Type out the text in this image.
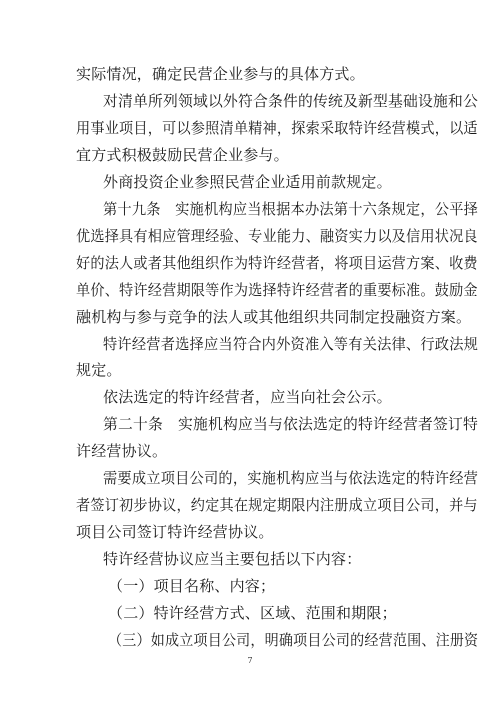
实际情况，确定民营企业参与的具体方式。
对清单所列领域以外符合条件的传统及新型基础设施和公
用事业项目，可以参照清单精神，探索采取特许经营模式，以适
宜方式积极鼓励民营企业参与。
外商投资企业参照民营企业适用前款规定。
第十九条　实施机构应当根据本办法第十六条规定，公平择
优选择具有相应管理经验、专业能力、融资实力以及信用状况良
好的法人或者其他组织作为特许经营者，将项目运营方案、收费
单价、特许经营期限等作为选择特许经营者的重要标准。鼓励金
融机构与参与竞争的法人或其他组织共同制定投融资方案。
特许经营者选择应当符合内外资准入等有关法律、行政法规
规定。
依法选定的特许经营者，应当向社会公示。
第二十条　实施机构应当与依法选定的特许经营者签订特
许经营协议。
需要成立项目公司的，实施机构应当与依法选定的特许经营
者签订初步协议，约定其在规定期限内注册成立项目公司，并与
项目公司签订特许经营协议。
特许经营协议应当主要包括以下内容：
（一）项目名称、内容；
（二）特许经营方式、区域、范围和期限；
（三）如成立项目公司，明确项目公司的经营范围、注册资
7
